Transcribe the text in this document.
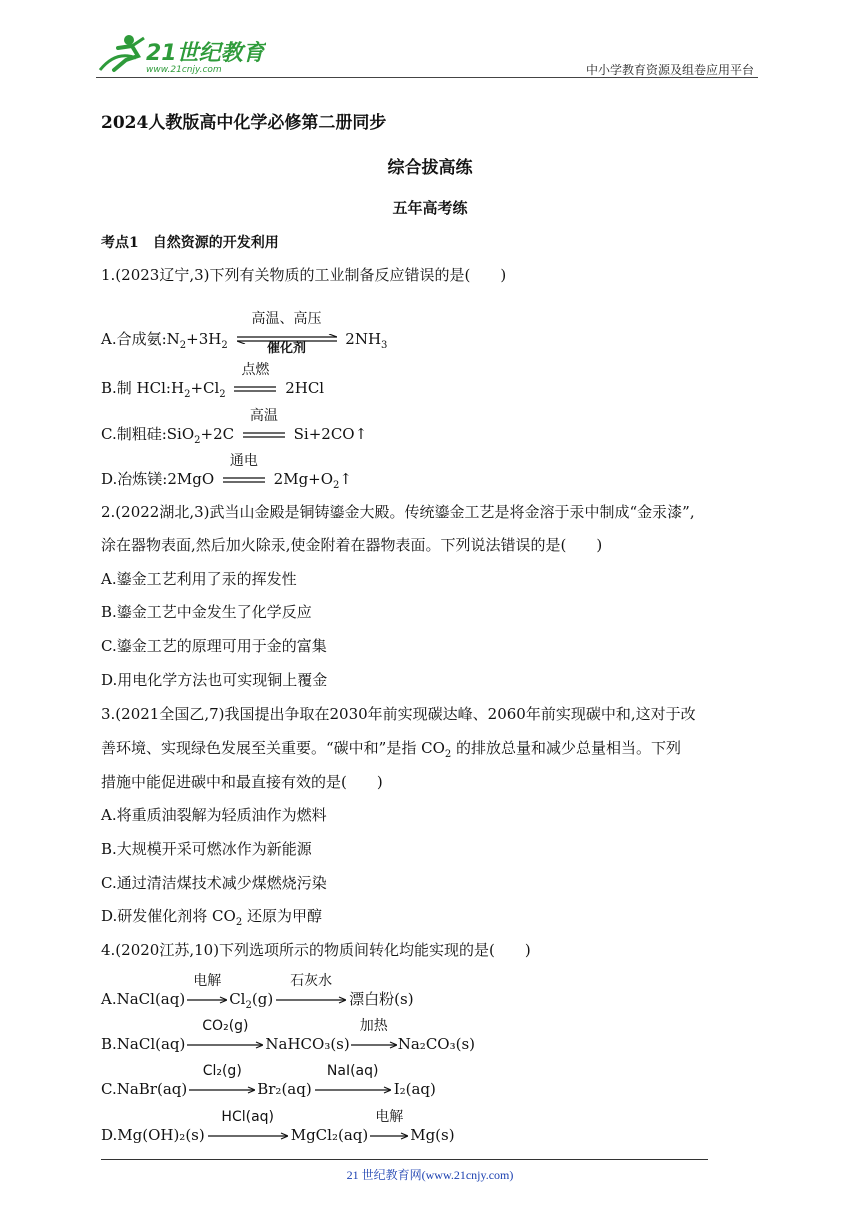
21世纪教育
www.21cnjy.com	中小学教育资源及组卷应用平台
2024人教版高中化学必修第二册同步
综合拔高练
五年高考练
考点1　自然资源的开发利用
1.(2023辽宁,3)下列有关物质的工业制备反应错误的是(　　)
A.合成氨$:N_2+3H_2$
高温、高压
催化剂
$2NH_3$
B.制 $HCl:H_2+Cl_2$
点燃
2HCl
C.制粗硅:SiO$_2$+2C
高温
Si+2CO↑
D.冶炼镁:2MgO
通电
$2Mg+O_2↑$
2.(2022湖北,3)武当山金殿是铜铸鎏金大殿。传统鎏金工艺是将金溶于汞中制成“金汞漆”,
涂在器物表面,然后加火除汞,使金附着在器物表面。下列说法错误的是(　　)
A.鎏金工艺利用了汞的挥发性
B.鎏金工艺中金发生了化学反应
C.鎏金工艺的原理可用于金的富集
D.用电化学方法也可实现铜上覆金
3.(2021全国乙,7)我国提出争取在2030年前实现碳达峰、2060年前实现碳中和,这对于改
善环境、实现绿色发展至关重要。“碳中和”是指 $CO_2$ 的排放总量和减少总量相当。下列
措施中能促进碳中和最直接有效的是(　　)
A.将重质油裂解为轻质油作为燃料
B.大规模开采可燃冰作为新能源
C.通过清洁煤技术减少煤燃烧污染
D.研发催化剂将 $CO_2$ 还原为甲醇
4.(2020江苏,10)下列选项所示的物质间转化均能实现的是(　　)
A.NaCl(aq)
电解
$Cl_2(g)$
石灰水
漂白粉(s)
B.NaCl(aq)
CO₂(g)
NaHCO₃(s)
加热
Na₂CO₃(s)
C.NaBr(aq)
Cl₂(g)
Br₂(aq)
NaI(aq)
I₂(aq)
D.Mg(OH)₂(s)
HCl(aq)
MgCl₂(aq)
电解
Mg(s)
21 世纪教育网(www.21cnjy.com)
